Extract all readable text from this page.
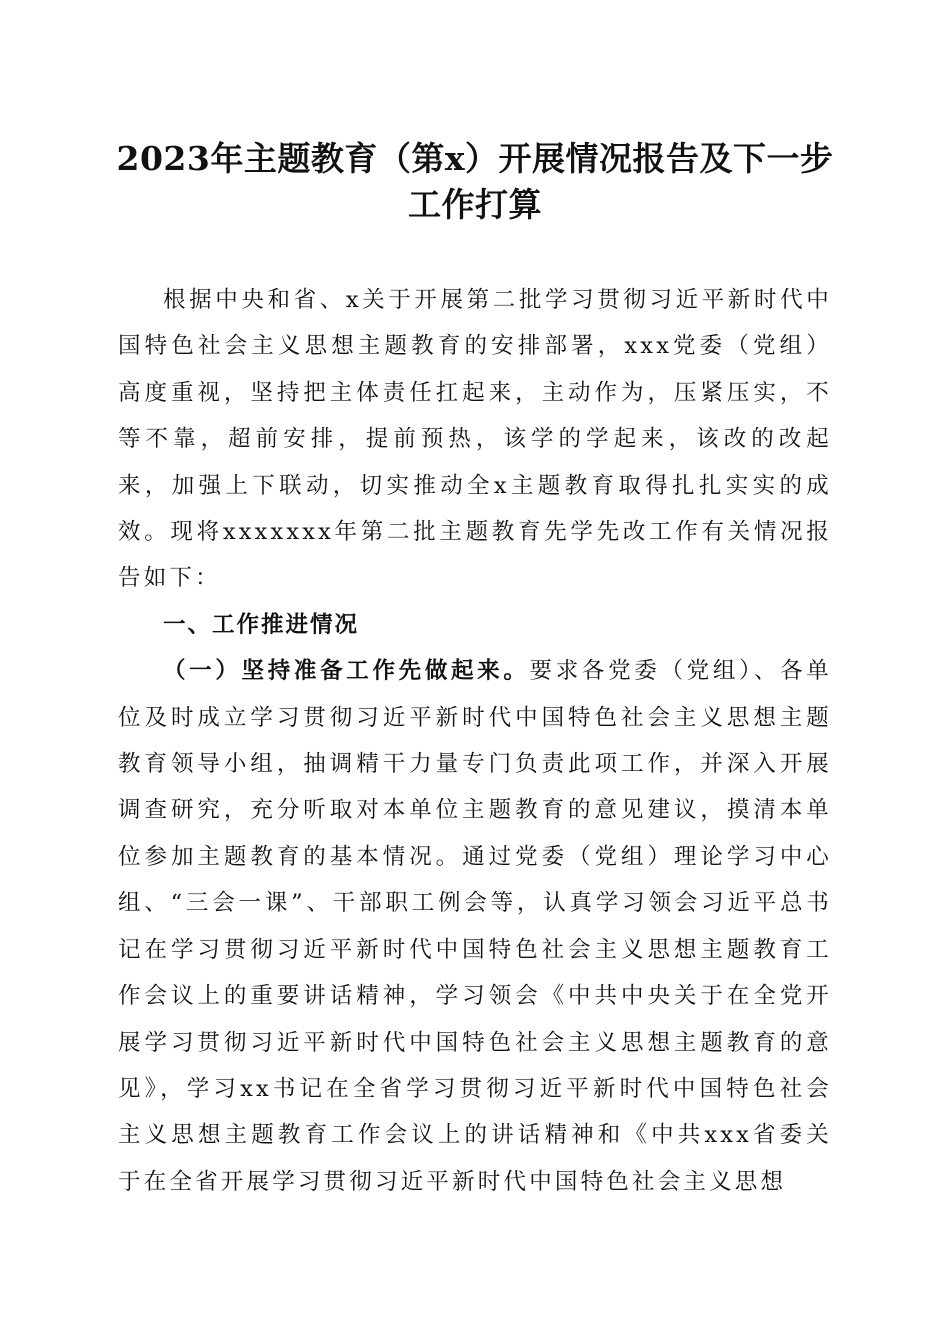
2023年主题教育（第x）开展情况报告及下一步工作打算

根据中央和省、x关于开展第二批学习贯彻习近平新时代中国特色社会主义思想主题教育的安排部署，xxx党委（党组）高度重视，坚持把主体责任扛起来，主动作为，压紧压实，不等不靠，超前安排，提前预热，该学的学起来，该改的改起来，加强上下联动，切实推动全x主题教育取得扎扎实实的成效。现将xxxxxxx年第二批主题教育先学先改工作有关情况报告如下：

一、工作推进情况

（一）坚持准备工作先做起来。要求各党委（党组）、各单位及时成立学习贯彻习近平新时代中国特色社会主义思想主题教育领导小组，抽调精干力量专门负责此项工作，并深入开展调查研究，充分听取对本单位主题教育的意见建议，摸清本单位参加主题教育的基本情况。通过党委（党组）理论学习中心组、“三会一课”、干部职工例会等，认真学习领会习近平总书记在学习贯彻习近平新时代中国特色社会主义思想主题教育工作会议上的重要讲话精神，学习领会《中共中央关于在全党开展学习贯彻习近平新时代中国特色社会主义思想主题教育的意见》，学习xx书记在全省学习贯彻习近平新时代中国特色社会主义思想主题教育工作会议上的讲话精神和《中共xxx省委关于在全省开展学习贯彻习近平新时代中国特色社会主义思想
